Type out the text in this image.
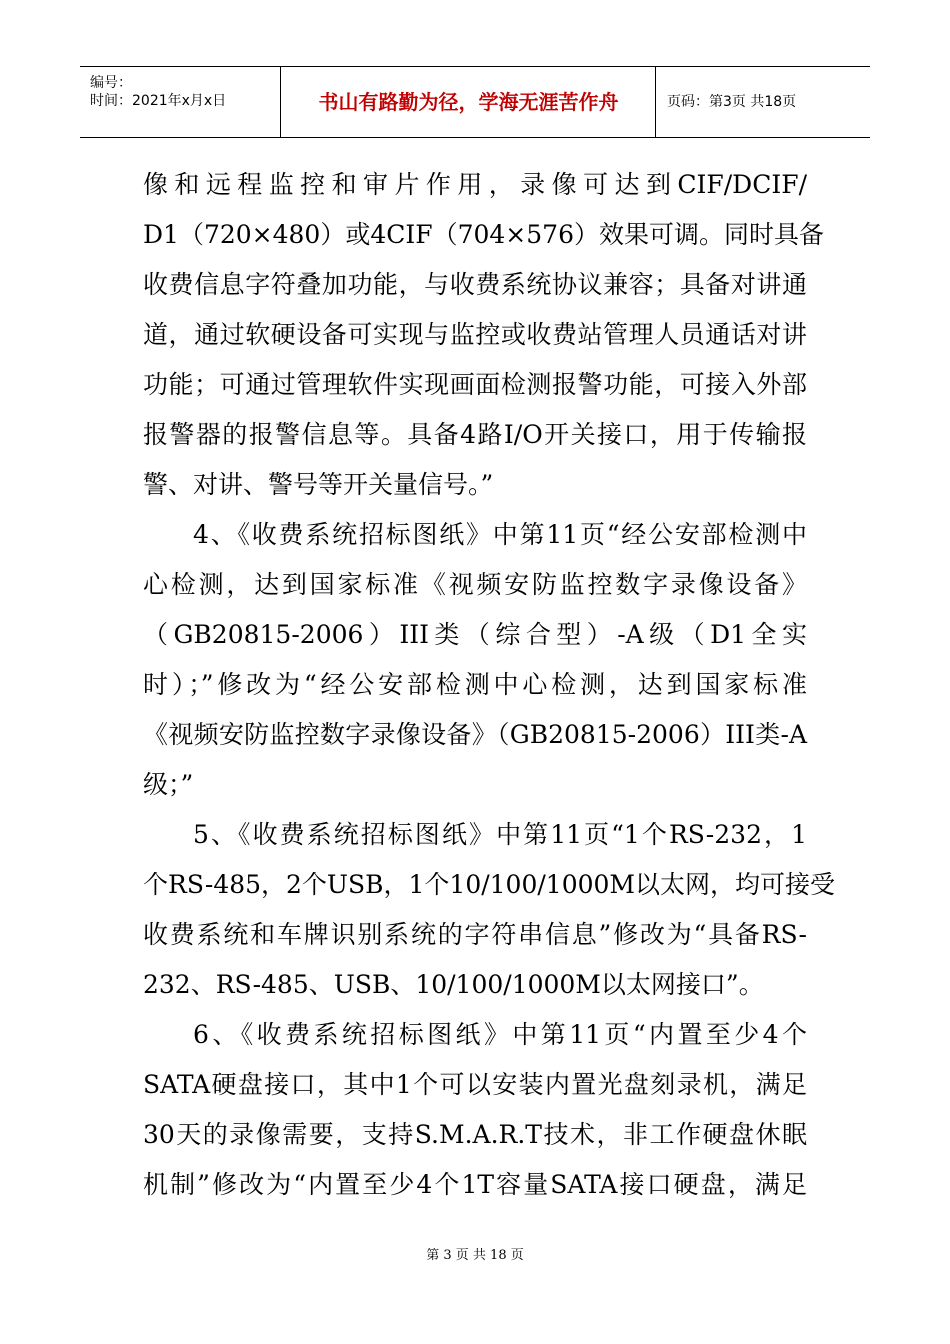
编号：
时间：2021年x月x日	书山有路勤为径，学海无涯苦作舟	页码：第3页 共18页
像和远程监控和审片作用，录像可达到CIF/DCIF/
D1（720×480）或4CIF（704×576）效果可调。同时具备
收费信息字符叠加功能，与收费系统协议兼容；具备对讲通
道，通过软硬设备可实现与监控或收费站管理人员通话对讲
功能；可通过管理软件实现画面检测报警功能，可接入外部
报警器的报警信息等。具备4路I/O开关接口，用于传输报
警、对讲、警号等开关量信号。”
4、《收费系统招标图纸》中第11页“经公安部检测中
心检测，达到国家标准《视频安防监控数字录像设备》
（GB20815-2006）III类（综合型）-A级（D1全实
时）；”修改为“经公安部检测中心检测，达到国家标准
《视频安防监控数字录像设备》（GB20815-2006）III类-A
级；”
5、《收费系统招标图纸》中第11页“1个RS-232，1
个RS-485，2个USB，1个10/100/1000M以太网，均可接受
收费系统和车牌识别系统的字符串信息”修改为“具备RS-
232、RS-485、USB、10/100/1000M以太网接口”。
6、《收费系统招标图纸》中第11页“内置至少4个
SATA硬盘接口，其中1个可以安装内置光盘刻录机，满足
30天的录像需要，支持S.M.A.R.T技术，非工作硬盘休眠
机制”修改为“内置至少4个1T容量SATA接口硬盘，满足
第 3 页 共 18 页
